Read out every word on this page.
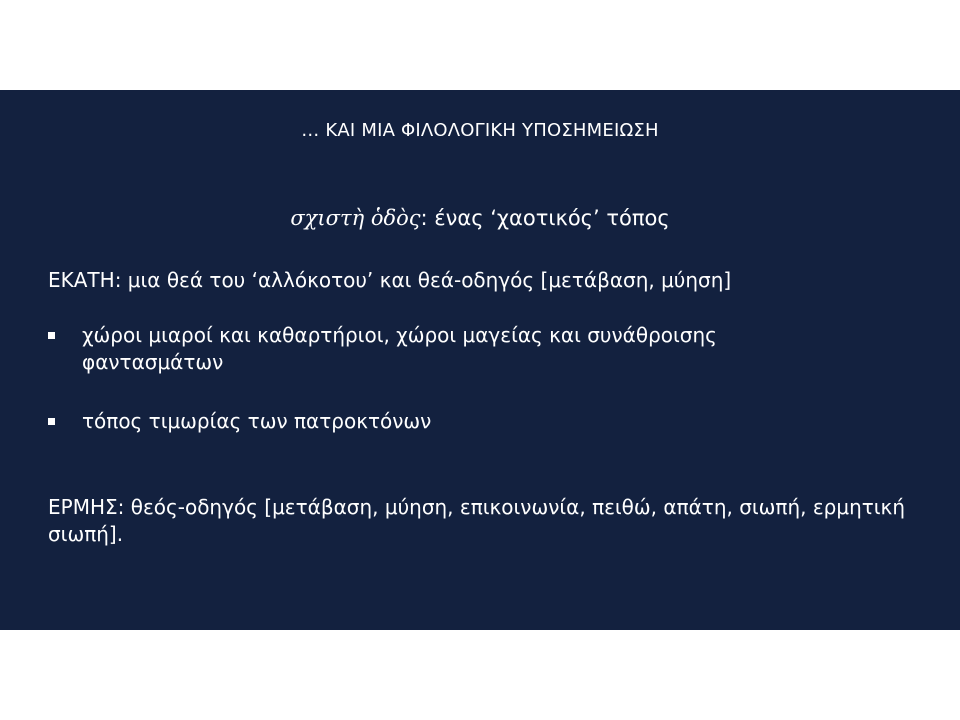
… ΚΑΙ ΜΙΑ ΦΙΛΟΛΟΓΙΚΗ ΥΠΟΣΗΜΕΙΩΣΗ
σχιστὴ ὁδὸς: ένας ‘χαοτικός’ τόπος
ΕΚΑΤΗ: μια θεά του ‘αλλόκοτου’ και θεά-οδηγός [μετάβαση, μύηση]
χώροι μιαροί και καθαρτήριοι, χώροι μαγείας και συνάθροισης φαντασμάτων
τόπος τιμωρίας των πατροκτόνων
ΕΡΜΗΣ: θεός-οδηγός [μετάβαση, μύηση, επικοινωνία, πειθώ, απάτη, σιωπή, ερμητική σιωπή].
